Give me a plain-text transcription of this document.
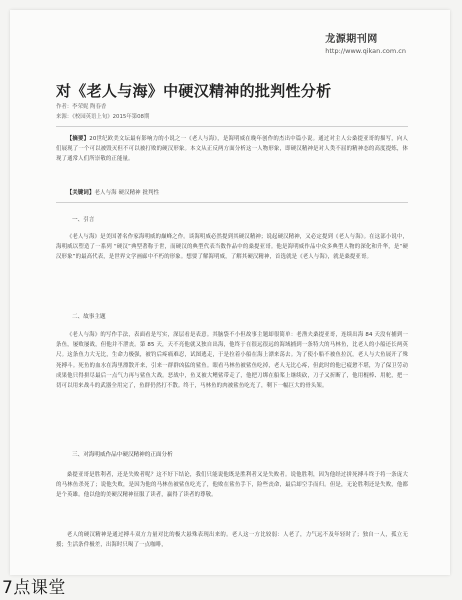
龙源期刊网
http://www.qikan.com.cn
对《老人与海》中硬汉精神的批判性分析
作者：李荣妮 陶春香
来源：《校园英语上旬》2015年第08期
【摘要】20世纪欧美文坛最有影响力的小说之一《老人与海》，是海明威在晚年创作的杰出中篇小说。通过对主人公桑提亚哥的描写，向人们展现了一个可以被毁灭但不可以被打败的硬汉形象。本文从正反两方面分析这一人物形象，即硬汉精神是对人类不屈的精神态的高度提炼，体现了通常人们所崇敬的正能量。
【关键词】老人与海 硬汉精神 批判性
一、引言
《老人与海》是美国著名作家海明威的巅峰之作。谈海明威必然提到其硬汉精神；说起硬汉精神，又必定提到《老人与海》。在这部小说中，海明威以塑造了一系列 “硬汉”典型著称于世，而硬汉的典型代表当数作品中的桑提亚哥。他是海明威作品中众多典型人物的深化和升华，是“硬汉形象”的最高代表，是世界文学画廊中不朽的形象。想要了解海明威，了解其硬汉精神，首选就是《老人与海》，就是桑提亚哥。
二、故事主题
《老人与海》的写作手法，表面看是写实，深层看是表意。其脑袋不小但故事主题却很简单：老渔夫桑提亚哥，连续出海 84 天没有捕到一条鱼，屡败屡战，但他并不泄丧。第 85 天，天不亮他就又独自出海，他终于在很远很远的海域捕到一条特大的马林鱼，比老人的小船还长两英尺。这条鱼力大无比，生命力极强，被钓后疼痛难忍，试图逃走，于是拉着小船在海上漂来荡去。为了使小船不被鱼拉沉，老人与大鱼展开了殊死搏斗。死鱼的血水在海里漂散开来，引来一群群凶猛的鲨鱼。眼看马林鱼被鲨鱼吃掉，老人无比心疼，但此时的他已疲惫不堪，为了保卫劳动成果他只得拼尽最后一点气力再与鲨鱼大战。恶战中，鱼叉被大鳍鲨带走了，他把刀绑在船桨上继续砍，刀子又折断了，他用棍棒、用舵，把一切可以用来战斗的武器全用完了，鱼群仍然打不散。终于，马林鱼的肉被鲨鱼吃光了，剩下一幅巨大的骨头架。
三、对海明威作品中硬汉精神的正面分析
桑提亚哥是胜利者，还是失败者呢？这不好下结论，我们只能说他既是胜利者又是失败者。说他胜利，因为他经过拼死搏斗终于将一条庞大的马林鱼杀死了；说他失败，是因为他的马林鱼被鲨鱼吃光了，他败在鲨鱼手下，险些丧命，最后却空手而归。但是，无论胜利还是失败，他都是个英雄。他以他的美硬汉精神征服了读者，赢得了读者的尊敬。
老人的硬汉精神是通过搏斗双方力量对比的极大悬殊表现出来的。老人这一方比较弱：人老了，力气远不及年轻时了；独自一人，孤立无援；生活条件极差，出海时只喝了一点咖啡，
7点课堂
